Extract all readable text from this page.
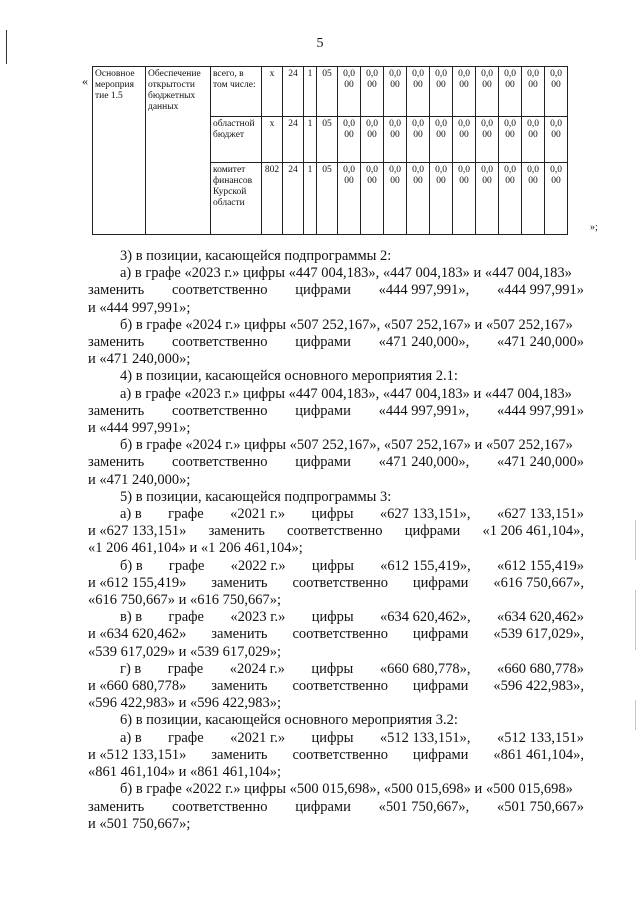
5
« Основное мероприя тие 1.5	Обеспечение открытости бюджетных данных	всего, в том числе:	х	24	1	05	0,0 00	0,0 00	0,0 00	0,0 00	0,0 00	0,0 00	0,0 00	0,0 00	0,0 00	0,0 00
		областной бюджет	х	24	1	05	0,0 00	0,0 00	0,0 00	0,0 00	0,0 00	0,0 00	0,0 00	0,0 00	0,0 00	0,0 00
		комитет финансов Курской области	802	24	1	05	0,0 00	0,0 00	0,0 00	0,0 00	0,0 00	0,0 00	0,0 00	0,0 00	0,0 00	0,0 00
»;

3) в позиции, касающейся подпрограммы 2:

а) в графе «2023 г.» цифры «447 004,183», «447 004,183» и «447 004,183»

заменить соответственно цифрами «444 997,991», «444 997,991»

и «444 997,991»;

б) в графе «2024 г.» цифры «507 252,167», «507 252,167» и «507 252,167»

заменить соответственно цифрами «471 240,000», «471 240,000»

и «471 240,000»;

4) в позиции, касающейся основного мероприятия 2.1:

а) в графе «2023 г.» цифры «447 004,183», «447 004,183» и «447 004,183»

заменить соответственно цифрами «444 997,991», «444 997,991»

и «444 997,991»;

б) в графе «2024 г.» цифры «507 252,167», «507 252,167» и «507 252,167»

заменить соответственно цифрами «471 240,000», «471 240,000»

и «471 240,000»;

5) в позиции, касающейся подпрограммы 3:

а) в графе «2021 г.» цифры «627 133,151», «627 133,151»
и «627 133,151» заменить соответственно цифрами «1 206 461,104»,

«1 206 461,104» и «1 206 461,104»;

б) в графе «2022 г.» цифры «612 155,419», «612 155,419»
и «612 155,419» заменить соответственно цифрами «616 750,667»,

«616 750,667» и «616 750,667»;

в) в графе «2023 г.» цифры «634 620,462», «634 620,462»
и «634 620,462» заменить соответственно цифрами «539 617,029»,

«539 617,029» и «539 617,029»;

г) в графе «2024 г.» цифры «660 680,778», «660 680,778»
и «660 680,778» заменить соответственно цифрами «596 422,983»,

«596 422,983» и «596 422,983»;

6) в позиции, касающейся основного мероприятия 3.2:

а) в графе «2021 г.» цифры «512 133,151», «512 133,151»
и «512 133,151» заменить соответственно цифрами «861 461,104»,

«861 461,104» и «861 461,104»;

б) в графе «2022 г.» цифры «500 015,698», «500 015,698» и «500 015,698»

заменить соответственно цифрами «501 750,667», «501 750,667»

и «501 750,667»;
